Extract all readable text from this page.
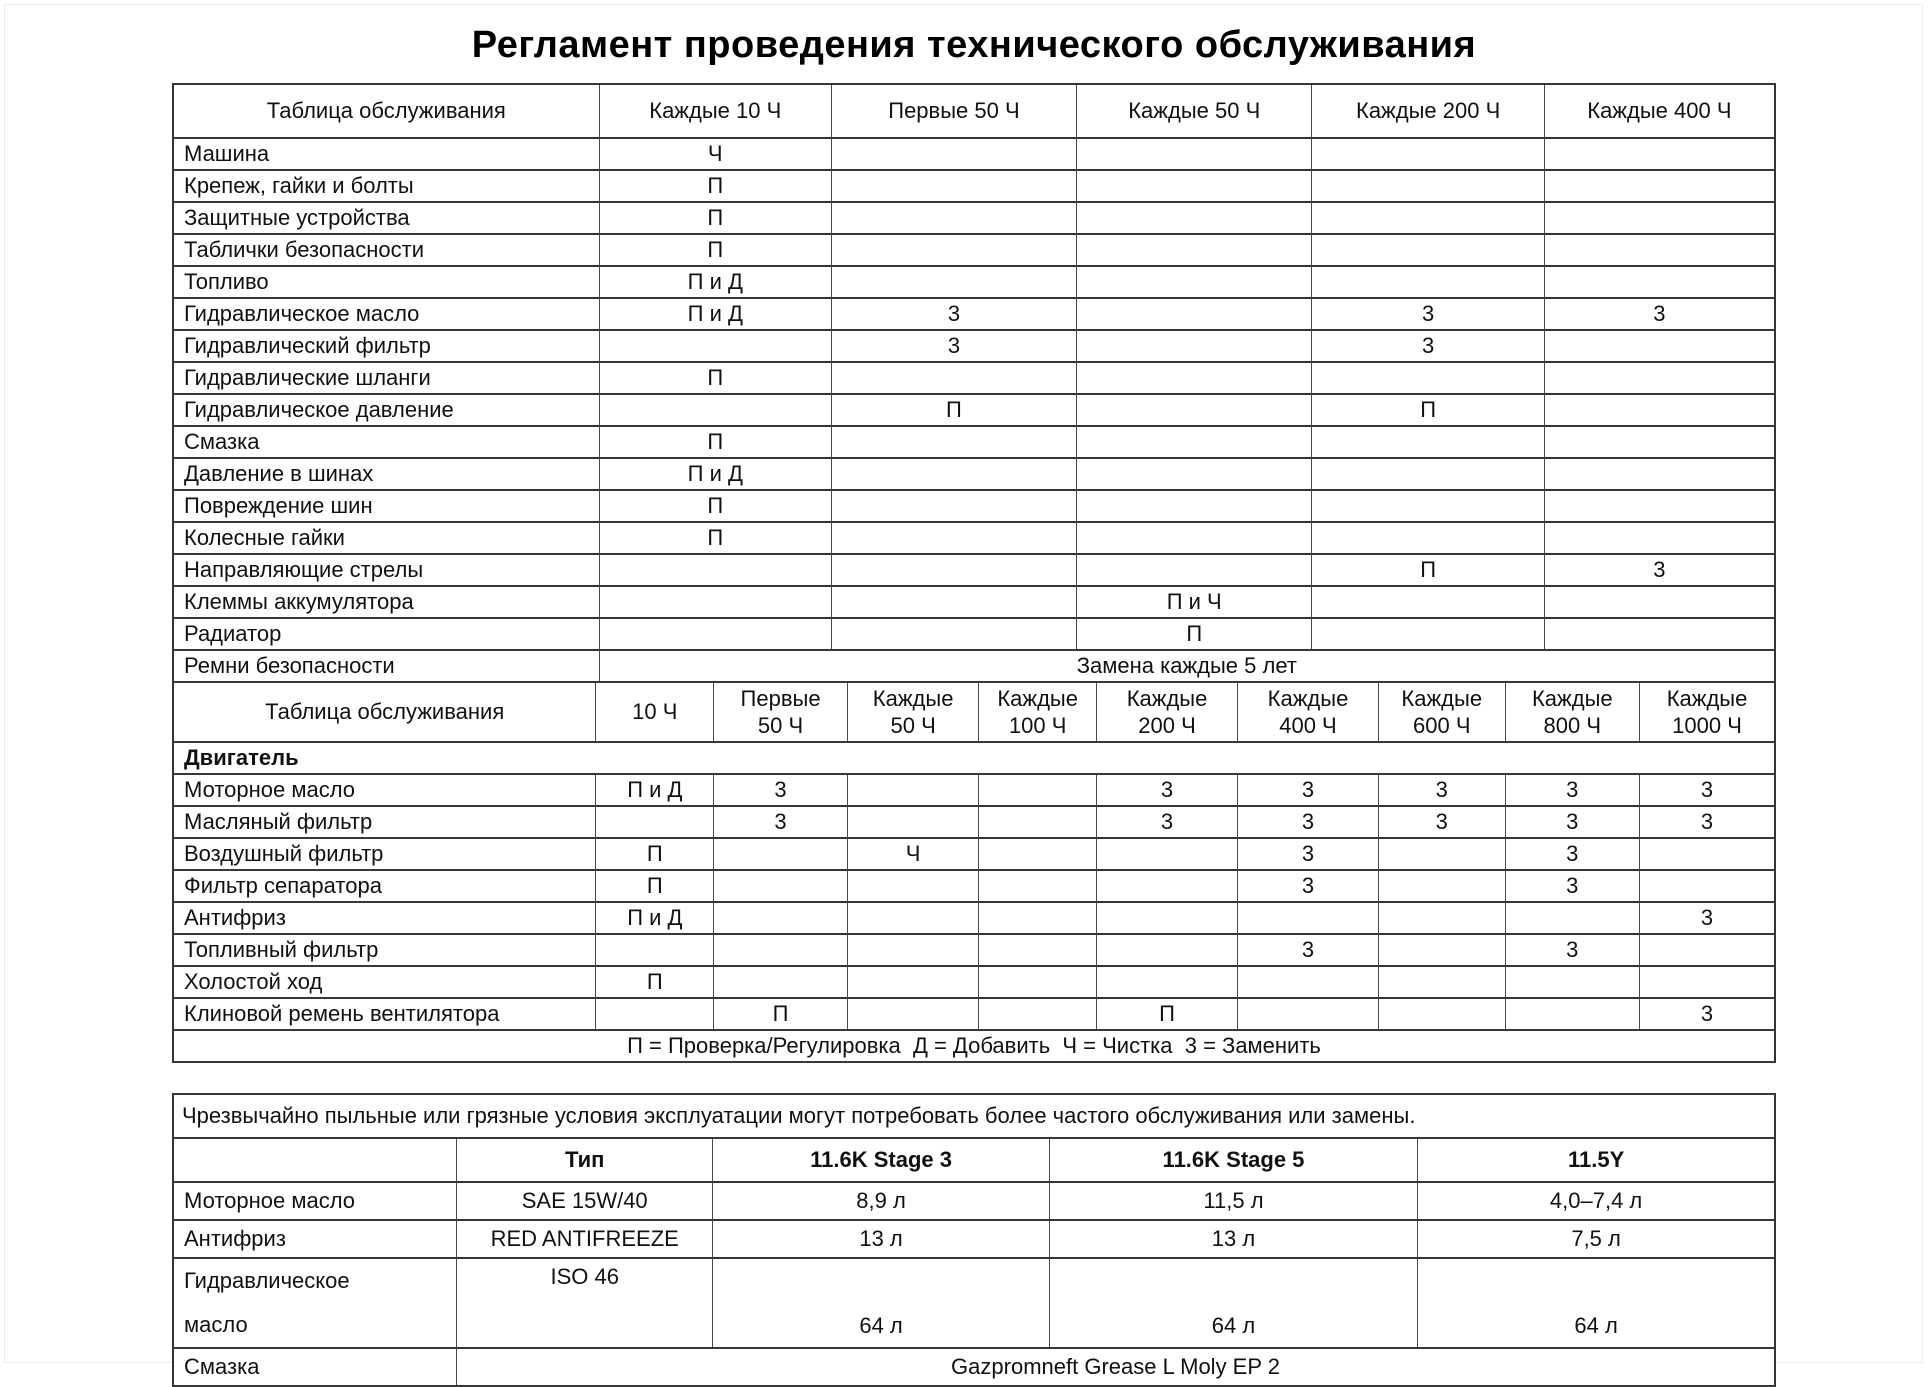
Регламент проведения технического обслуживания
Таблица обслуживания	Каждые 10 Ч	Первые 50 Ч	Каждые 50 Ч	Каждые 200 Ч	Каждые 400 Ч
Машина	Ч				
Крепеж, гайки и болты	П				
Защитные устройства	П				
Таблички безопасности	П				
Топливо	П и Д				
Гидравлическое масло	П и Д	3		3	3
Гидравлический фильтр		3		3	
Гидравлические шланги	П				
Гидравлическое давление		П		П	
Смазка	П				
Давление в шинах	П и Д				
Повреждение шин	П				
Колесные гайки	П				
Направляющие стрелы				П	3
Клеммы аккумулятора			П и Ч		
Радиатор			П		
Ремни безопасности	Замена каждые 5 лет				
Таблица обслуживания	10 Ч	Первые 50 Ч	Каждые 50 Ч	Каждые 100 Ч	Каждые 200 Ч	Каждые 400 Ч	Каждые 600 Ч	Каждые 800 Ч	Каждые 1000 Ч
Двигатель									
Моторное масло	П и Д	3			3	3	3	3	3
Масляный фильтр		3			3	3	3	3	3
Воздушный фильтр	П		Ч			3		3	
Фильтр сепаратора	П					3		3	
Антифриз	П и Д								3
Топливный фильтр						3		3	
Холостой ход	П								
Клиновой ремень вентилятора		П			П				3
П = Проверка/Регулировка  Д = Добавить  Ч = Чистка  3 = Заменить									
Чрезвычайно пыльные или грязные условия эксплуатации могут потребовать более частого обслуживания или замены.				
	Тип	11.6K Stage 3	11.6K Stage 5	11.5Y
Моторное масло	SAE 15W/40	8,9 л	11,5 л	4,0–7,4 л
Антифриз	RED ANTIFREEZE	13 л	13 л	7,5 л
Гидравлическое масло	ISO 46	64 л	64 л	64 л
Смазка	Gazpromneft Grease L Moly EP 2			
